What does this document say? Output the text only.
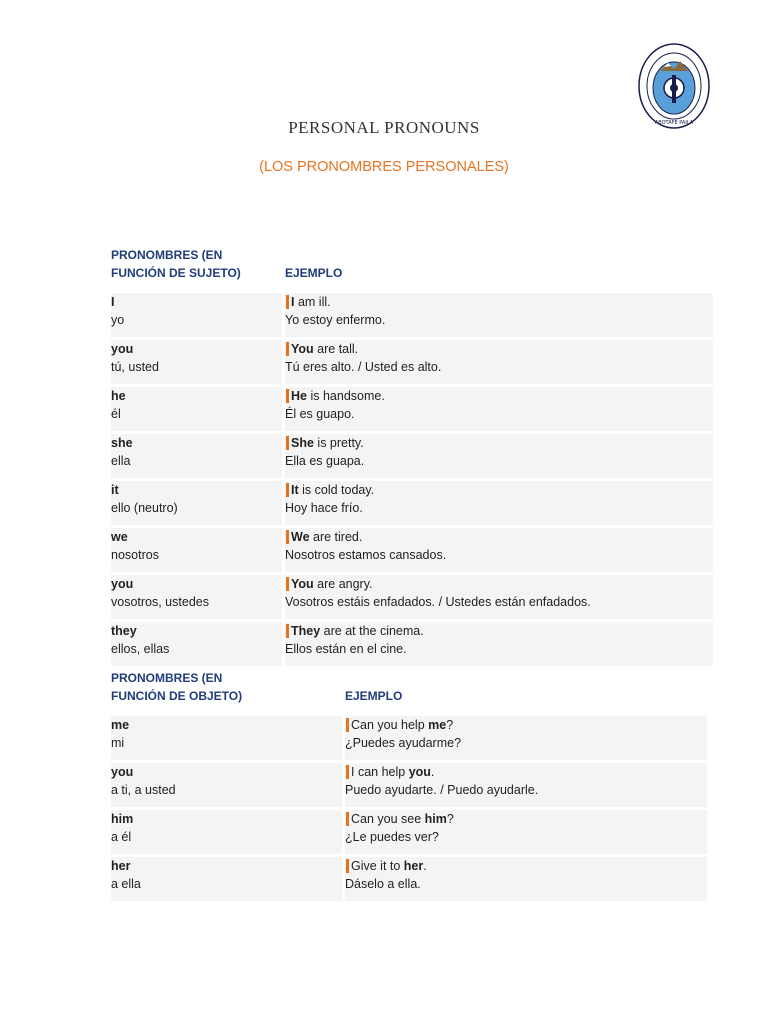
ABOTAFE PAILA
PERSONAL PRONOUNS
(LOS PRONOMBRES PERSONALES)
PRONOMBRES (EN
FUNCIÓN DE SUJETO)	EJEMPLO
I
yo
I am ill.
Yo estoy enfermo.
you
tú, usted
You are tall.
Tú eres alto. / Usted es alto.
he
él
He is handsome.
Él es guapo.
she
ella
She is pretty.
Ella es guapa.
it
ello (neutro)
It is cold today.
Hoy hace frío.
we
nosotros
We are tired.
Nosotros estamos cansados.
you
vosotros, ustedes
You are angry.
Vosotros estáis enfadados. / Ustedes están enfadados.
they
ellos, ellas
They are at the cinema.
Ellos están en el cine.
PRONOMBRES (EN
FUNCIÓN DE OBJETO)	EJEMPLO
me
mi
Can you help me?
¿Puedes ayudarme?
you
a ti, a usted
I can help you.
Puedo ayudarte. / Puedo ayudarle.
him
a él
Can you see him?
¿Le puedes ver?
her
a ella
Give it to her.
Dáselo a ella.
